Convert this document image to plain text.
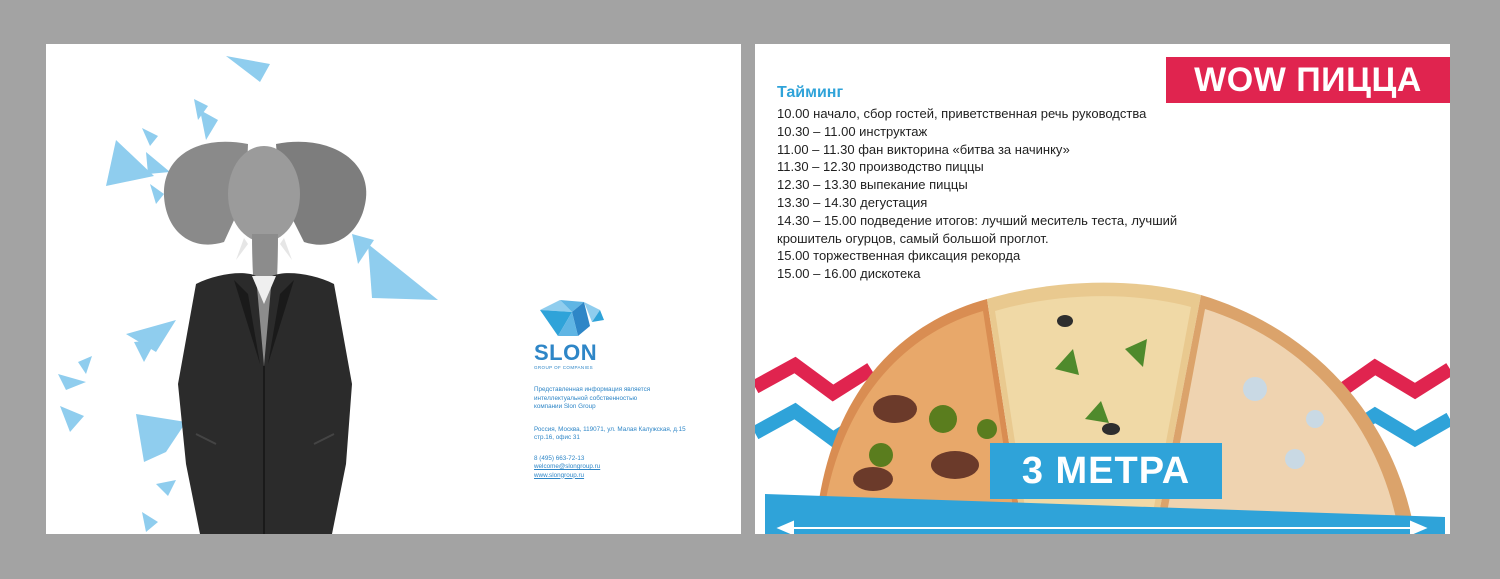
SLON
GROUP OF COMPANIES
Представленная информация является интеллектуальной собственностью компании Slon Group
Россия, Москва, 119071, ул. Малая Калужская, д.15 стр.16, офис 31
8 (495) 663-72-13
welcome@slongroup.ru
www.slongroup.ru
WOW ПИЦЦА
Тайминг
10.00 начало, сбор гостей, приветственная речь руководства
10.30 – 11.00 инструктаж
11.00 – 11.30 фан викторина «битва за начинку»
11.30 – 12.30 производство пиццы
12.30 – 13.30 выпекание пиццы
13.30 – 14.30 дегустация
14.30 – 15.00 подведение итогов: лучший меситель теста, лучший
крошитель огурцов, самый большой проглот.
15.00 торжественная фиксация рекорда
15.00 – 16.00 дискотека
3 МЕТРА
